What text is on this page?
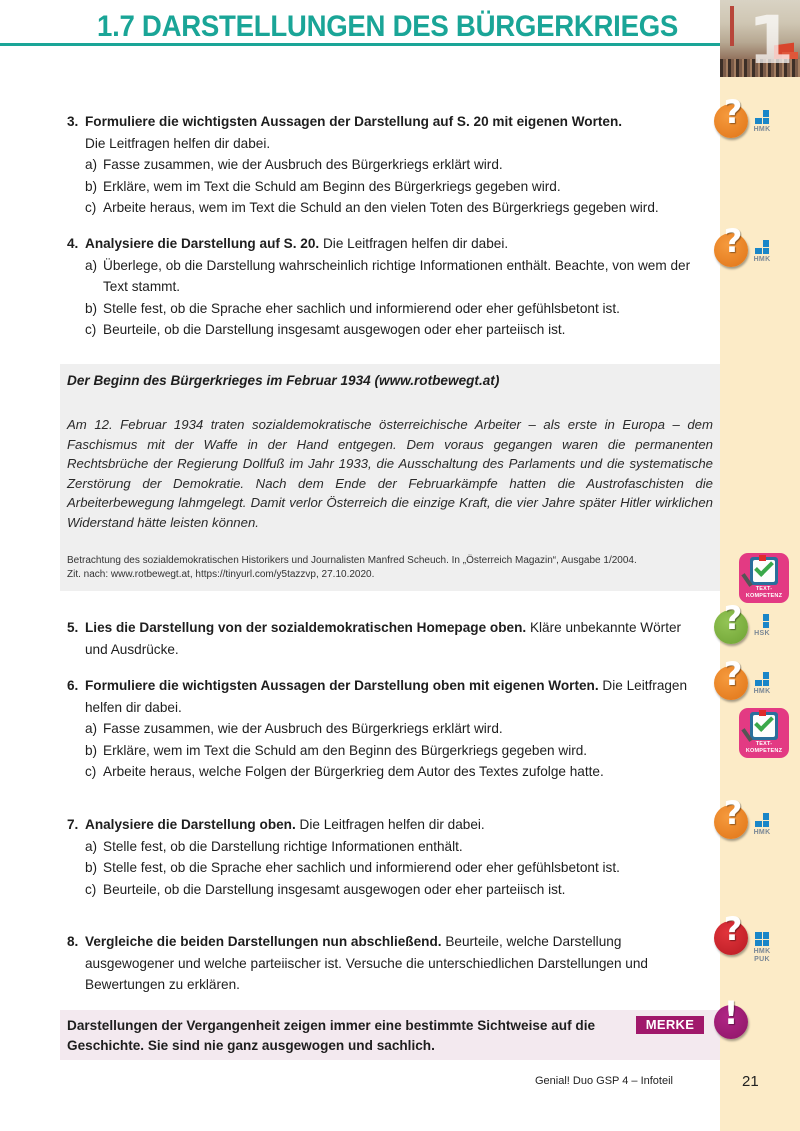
1
1.7 DARSTELLUNGEN DES BÜRGERKRIEGS
3. Formuliere die wichtigsten Aussagen der Darstellung auf S. 20 mit eigenen Worten.
Die Leitfragen helfen dir dabei.
a) Fasse zusammen, wie der Ausbruch des Bürgerkriegs erklärt wird.
b) Erkläre, wem im Text die Schuld am Beginn des Bürgerkriegs gegeben wird.
c) Arbeite heraus, wem im Text die Schuld an den vielen Toten des Bürgerkriegs gegeben wird.
4. Analysiere die Darstellung auf S. 20. Die Leitfragen helfen dir dabei.
a) Überlege, ob die Darstellung wahrscheinlich richtige Informationen enthält. Beachte, von wem der Text stammt.
b) Stelle fest, ob die Sprache eher sachlich und informierend oder eher gefühlsbetont ist.
c) Beurteile, ob die Darstellung insgesamt ausgewogen oder eher parteiisch ist.
Der Beginn des Bürgerkrieges im Februar 1934 (www.rotbewegt.at)
Am 12. Februar 1934 traten sozialdemokratische österreichische Arbeiter – als erste in Europa – dem Faschismus mit der Waffe in der Hand entgegen. Dem voraus gegangen waren die permanenten Rechtsbrüche der Regierung Dollfuß im Jahr 1933, die Ausschaltung des Parlaments und die systematische Zerstörung der Demokratie. Nach dem Ende der Februarkämpfe hatten die Austrofaschisten die Arbeiterbewegung lahmgelegt. Damit verlor Österreich die einzige Kraft, die vier Jahre später Hitler wirklichen Widerstand hätte leisten können.
Betrachtung des sozialdemokratischen Historikers und Journalisten Manfred Scheuch. In „Österreich Magazin“, Ausgabe 1/2004.
Zit. nach: www.rotbewegt.at, https://tinyurl.com/y5tazzvp, 27.10.2020.
5. Lies die Darstellung von der sozialdemokratischen Homepage oben. Kläre unbekannte Wörter und Ausdrücke.
6. Formuliere die wichtigsten Aussagen der Darstellung oben mit eigenen Worten. Die Leitfragen helfen dir dabei.
a) Fasse zusammen, wie der Ausbruch des Bürgerkriegs erklärt wird.
b) Erkläre, wem im Text die Schuld am den Beginn des Bürgerkriegs gegeben wird.
c) Arbeite heraus, welche Folgen der Bürgerkrieg dem Autor des Textes zufolge hatte.
7. Analysiere die Darstellung oben. Die Leitfragen helfen dir dabei.
a) Stelle fest, ob die Darstellung richtige Informationen enthält.
b) Stelle fest, ob die Sprache eher sachlich und informierend oder eher gefühlsbetont ist.
c) Beurteile, ob die Darstellung insgesamt ausgewogen oder eher parteiisch ist.
8. Vergleiche die beiden Darstellungen nun abschließend. Beurteile, welche Darstellung ausgewogener und welche parteiischer ist. Versuche die unterschiedlichen Darstellungen und Bewertungen zu erklären.
Darstellungen der Vergangenheit zeigen immer eine bestimmte Sichtweise auf die Geschichte. Sie sind nie ganz ausgewogen und sachlich.
MERKE
?	HMK
?	HMK
TEXT-KOMPETENZ
?	HSK
?	HMK
TEXT-KOMPETENZ
?
HMK
?
HMK PUK
!
Genial! Duo GSP 4 – Infoteil	21
